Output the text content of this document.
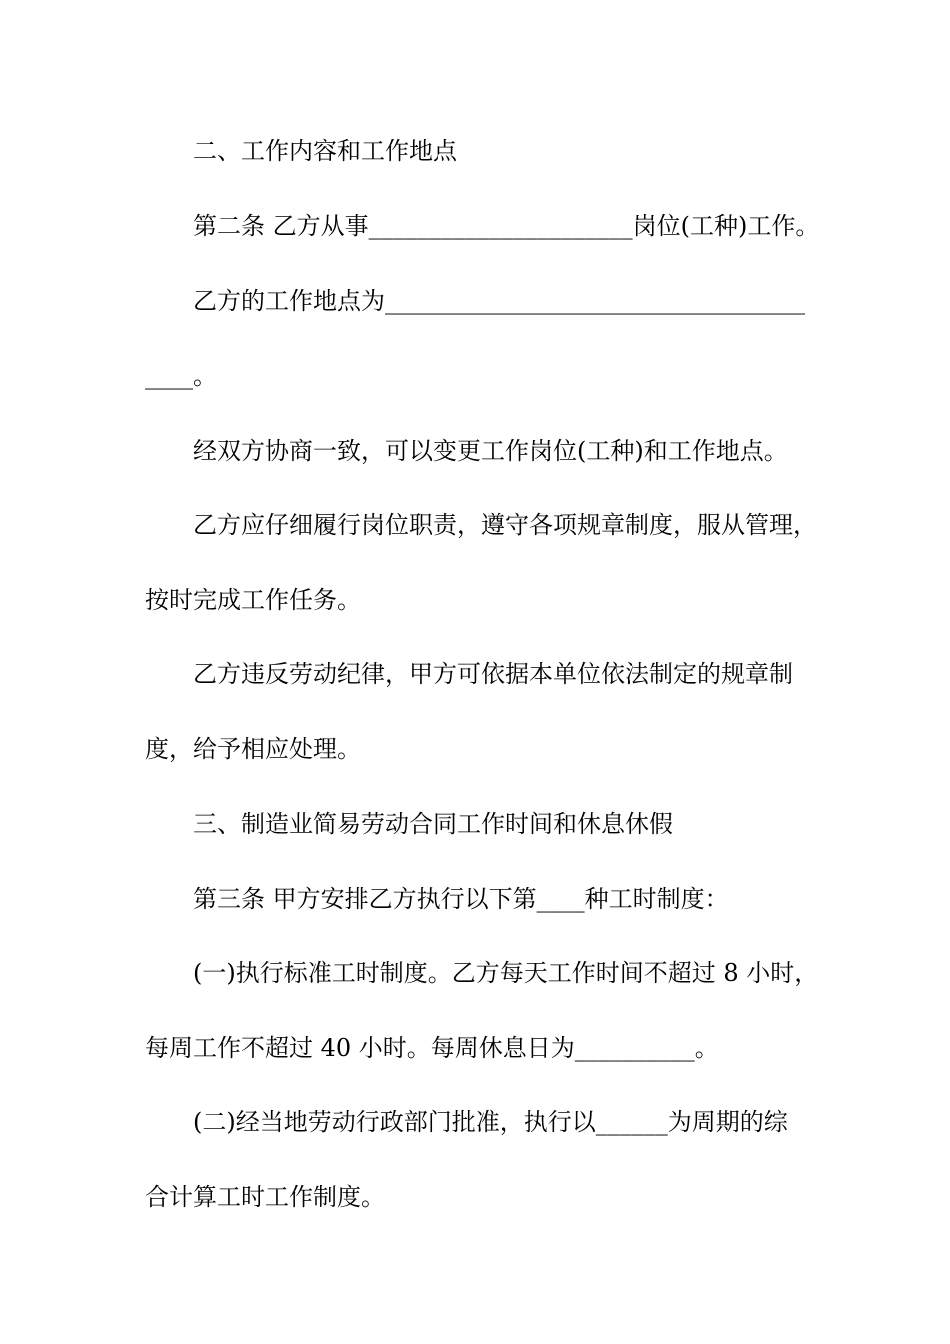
二、工作内容和工作地点
第二条 乙方从事______________________岗位(工种)工作。
乙方的工作地点为___________________________________
____。
经双方协商一致，可以变更工作岗位(工种)和工作地点。
乙方应仔细履行岗位职责，遵守各项规章制度，服从管理，
按时完成工作任务。
乙方违反劳动纪律，甲方可依据本单位依法制定的规章制
度，给予相应处理。
三、制造业简易劳动合同工作时间和休息休假
第三条 甲方安排乙方执行以下第____种工时制度：
(一)执行标准工时制度。乙方每天工作时间不超过 8 小时，
每周工作不超过 40 小时。每周休息日为__________。
(二)经当地劳动行政部门批准，执行以______为周期的综
合计算工时工作制度。
